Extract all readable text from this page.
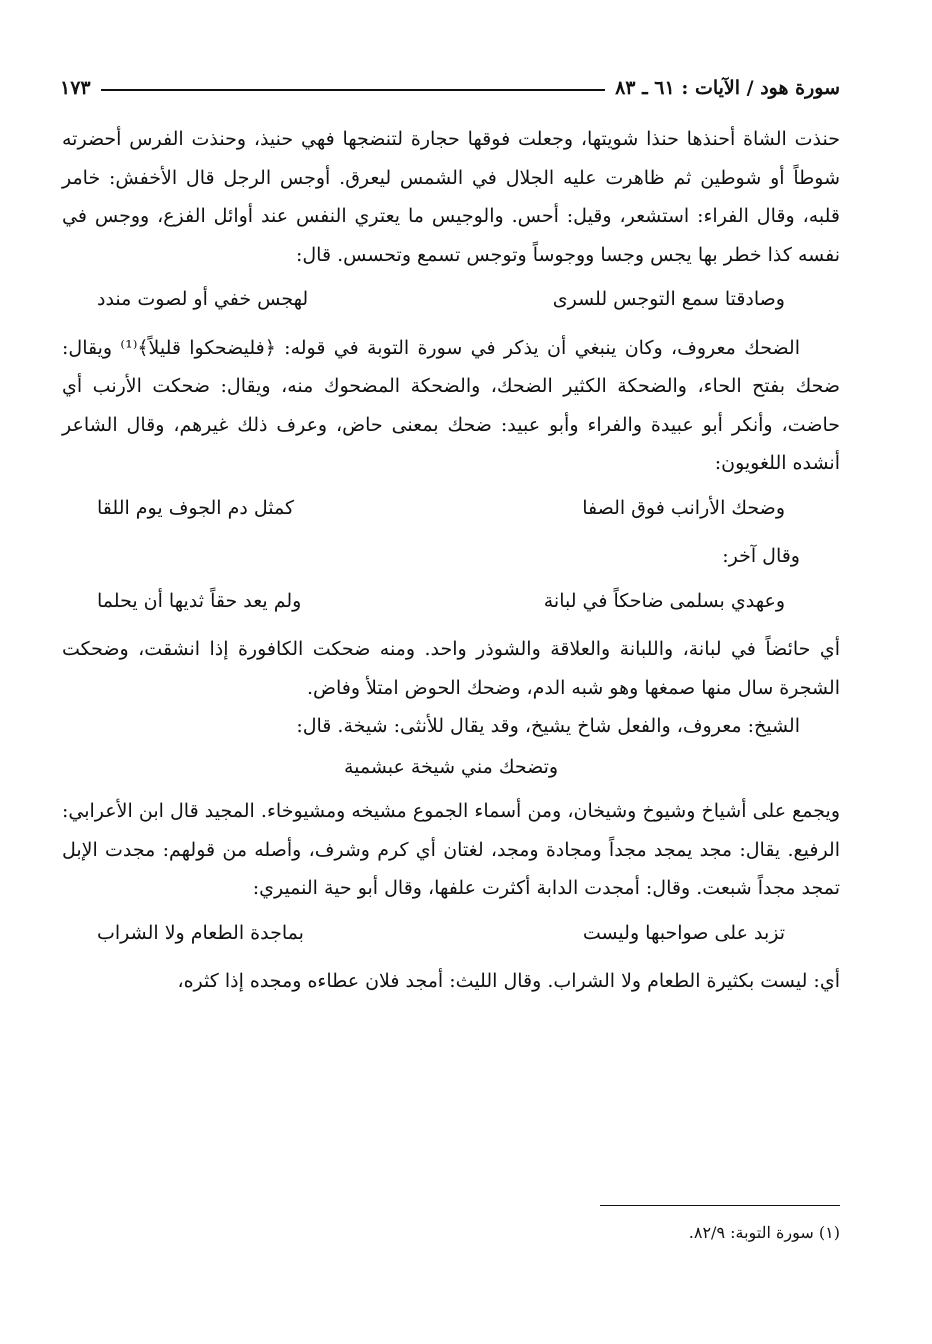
سورة هود / الآيات : ٦١ ـ ٨٣
١٧٣

حنذت الشاة أحنذها حنذا شويتها، وجعلت فوقها حجارة لتنضجها فهي حنيذ، وحنذت الفرس أحضرته شوطاً أو شوطين ثم ظاهرت عليه الجلال في الشمس ليعرق. أوجس الرجل قال الأخفش: خامر قلبه، وقال الفراء: استشعر، وقيل: أحس. والوجيس ما يعتري النفس عند أوائل الفزع، ووجس في نفسه كذا خطر بها يجس وجسا ووجوساً وتوجس تسمع وتحسس. قال:

وصادقتا سمع التوجس للسرى
لهجس خفي أو لصوت مندد

الضحك معروف، وكان ينبغي أن يذكر في سورة التوبة في قوله: ﴿فليضحكوا قليلاً﴾⁽¹⁾ ويقال: ضحك بفتح الحاء، والضحكة الكثير الضحك، والضحكة المضحوك منه، ويقال: ضحكت الأرنب أي حاضت، وأنكر أبو عبيدة والفراء وأبو عبيد: ضحك بمعنى حاض، وعرف ذلك غيرهم، وقال الشاعر أنشده اللغويون:

وضحك الأرانب فوق الصفا
كمثل دم الجوف يوم اللقا

وقال آخر:

وعهدي بسلمى ضاحكاً في لبانة
ولم يعد حقاً ثديها أن يحلما

أي حائضاً في لبانة، واللبانة والعلاقة والشوذر واحد. ومنه ضحكت الكافورة إذا انشقت، وضحكت الشجرة سال منها صمغها وهو شبه الدم، وضحك الحوض امتلأ وفاض.

الشيخ: معروف، والفعل شاخ يشيخ، وقد يقال للأنثى: شيخة. قال:

وتضحك مني شيخة عبشمية

ويجمع على أشياخ وشيوخ وشيخان، ومن أسماء الجموع مشيخه ومشيوخاء. المجيد قال ابن الأعرابي: الرفيع. يقال: مجد يمجد مجداً ومجادة ومجد، لغتان أي كرم وشرف، وأصله من قولهم: مجدت الإبل تمجد مجداً شبعت. وقال: أمجدت الدابة أكثرت علفها، وقال أبو حية النميري:

تزبد على صواحبها وليست
بماجدة الطعام ولا الشراب

أي: ليست بكثيرة الطعام ولا الشراب. وقال الليث: أمجد فلان عطاءه ومجده إذا كثره،

(١) سورة التوبة: ٨٢/٩.
